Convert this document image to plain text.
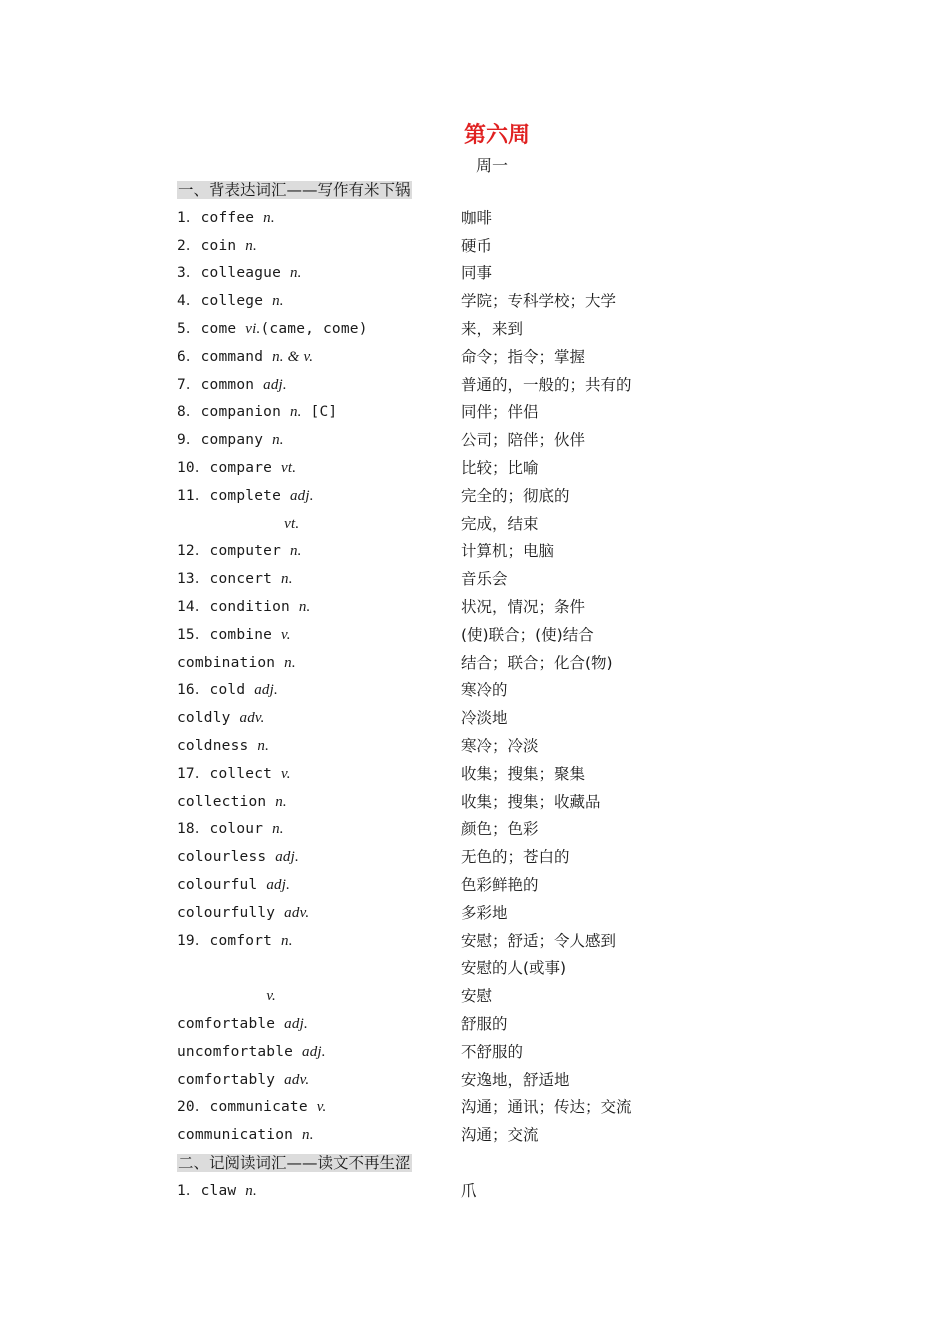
第六周
周一
一、背表达词汇——写作有米下锅
1．coffee n.	咖啡
2．coin n.	硬币
3．colleague n.	同事
4．college n.	学院；专科学校；大学
5．come vi.(came, come)	来，来到
6．command n. & v.	命令；指令；掌握
7．common adj.	普通的，一般的；共有的
8．companion n. [C]	同伴；伴侣
9．company n.	公司；陪伴；伙伴
10．compare vt.	比较；比喻
11．complete adj.	完全的；彻底的
vt.	完成，结束
12．computer n.	计算机；电脑
13．concert n.	音乐会
14．condition n.	状况，情况；条件
15．combine v.	(使)联合；(使)结合
combination n.	结合；联合；化合(物)
16．cold adj.	寒冷的
coldly adv.	冷淡地
coldness n.	寒冷；冷淡
17．collect v.	收集；搜集；聚集
collection n.	收集；搜集；收藏品
18．colour n.	颜色；色彩
colourless adj.	无色的；苍白的
colourful adj.	色彩鲜艳的
colourfully adv.	多彩地
19．comfort n.	安慰；舒适；令人感到
安慰的人(或事)
v.	安慰
comfortable adj.	舒服的
uncomfortable adj.	不舒服的
comfortably adv.	安逸地，舒适地
20．communicate v.	沟通；通讯；传达；交流
communication n.	沟通；交流
二、记阅读词汇——读文不再生涩
1．claw n.	爪
